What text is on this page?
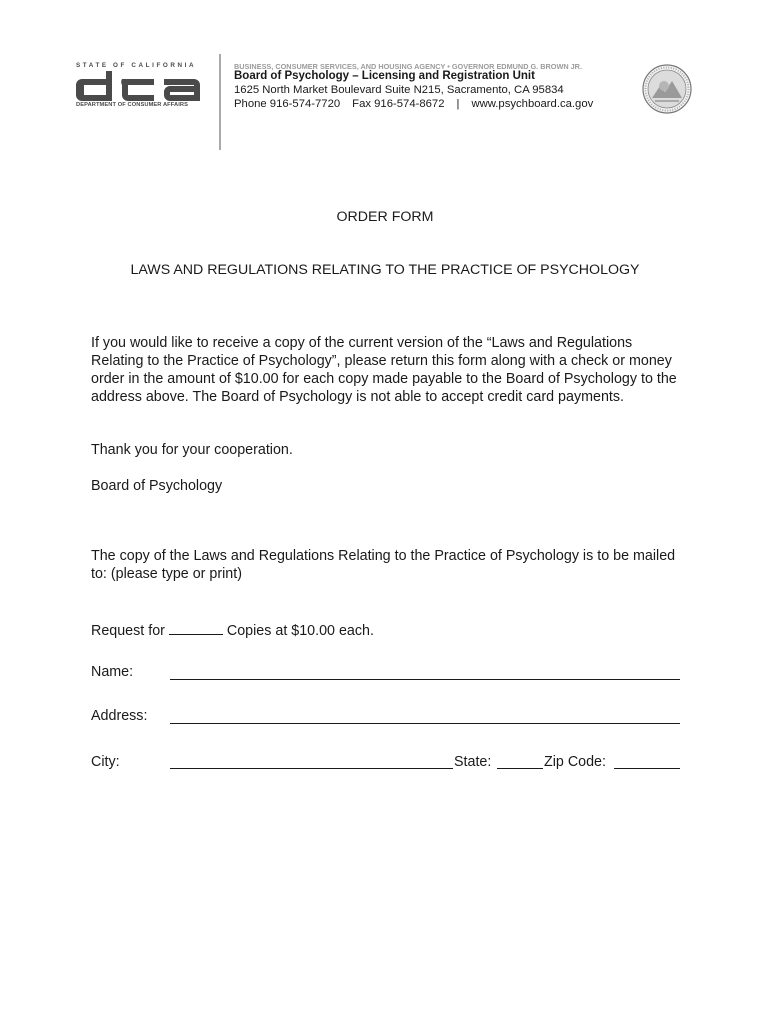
STATE OF CALIFORNIA
DEPARTMENT OF CONSUMER AFFAIRS
BUSINESS, CONSUMER SERVICES, AND HOUSING AGENCY • GOVERNOR EDMUND G. BROWN JR.
Board of Psychology – Licensing and Registration Unit
1625 North Market Boulevard Suite N215, Sacramento, CA 95834
Phone 916-574-7720 Fax 916-574-8672 | www.psychboard.ca.gov
ORDER FORM
LAWS AND REGULATIONS RELATING TO THE PRACTICE OF PSYCHOLOGY
If you would like to receive a copy of the current version of the “Laws and Regulations Relating to the Practice of Psychology”, please return this form along with a check or money order in the amount of $10.00 for each copy made payable to the Board of Psychology to the address above. The Board of Psychology is not able to accept credit card payments.
Thank you for your cooperation.
Board of Psychology
The copy of the Laws and Regulations Relating to the Practice of Psychology is to be mailed to: (please type or print)
Request for	Copies at $10.00 each.
Name:
Address:
City:	State:	Zip Code:
